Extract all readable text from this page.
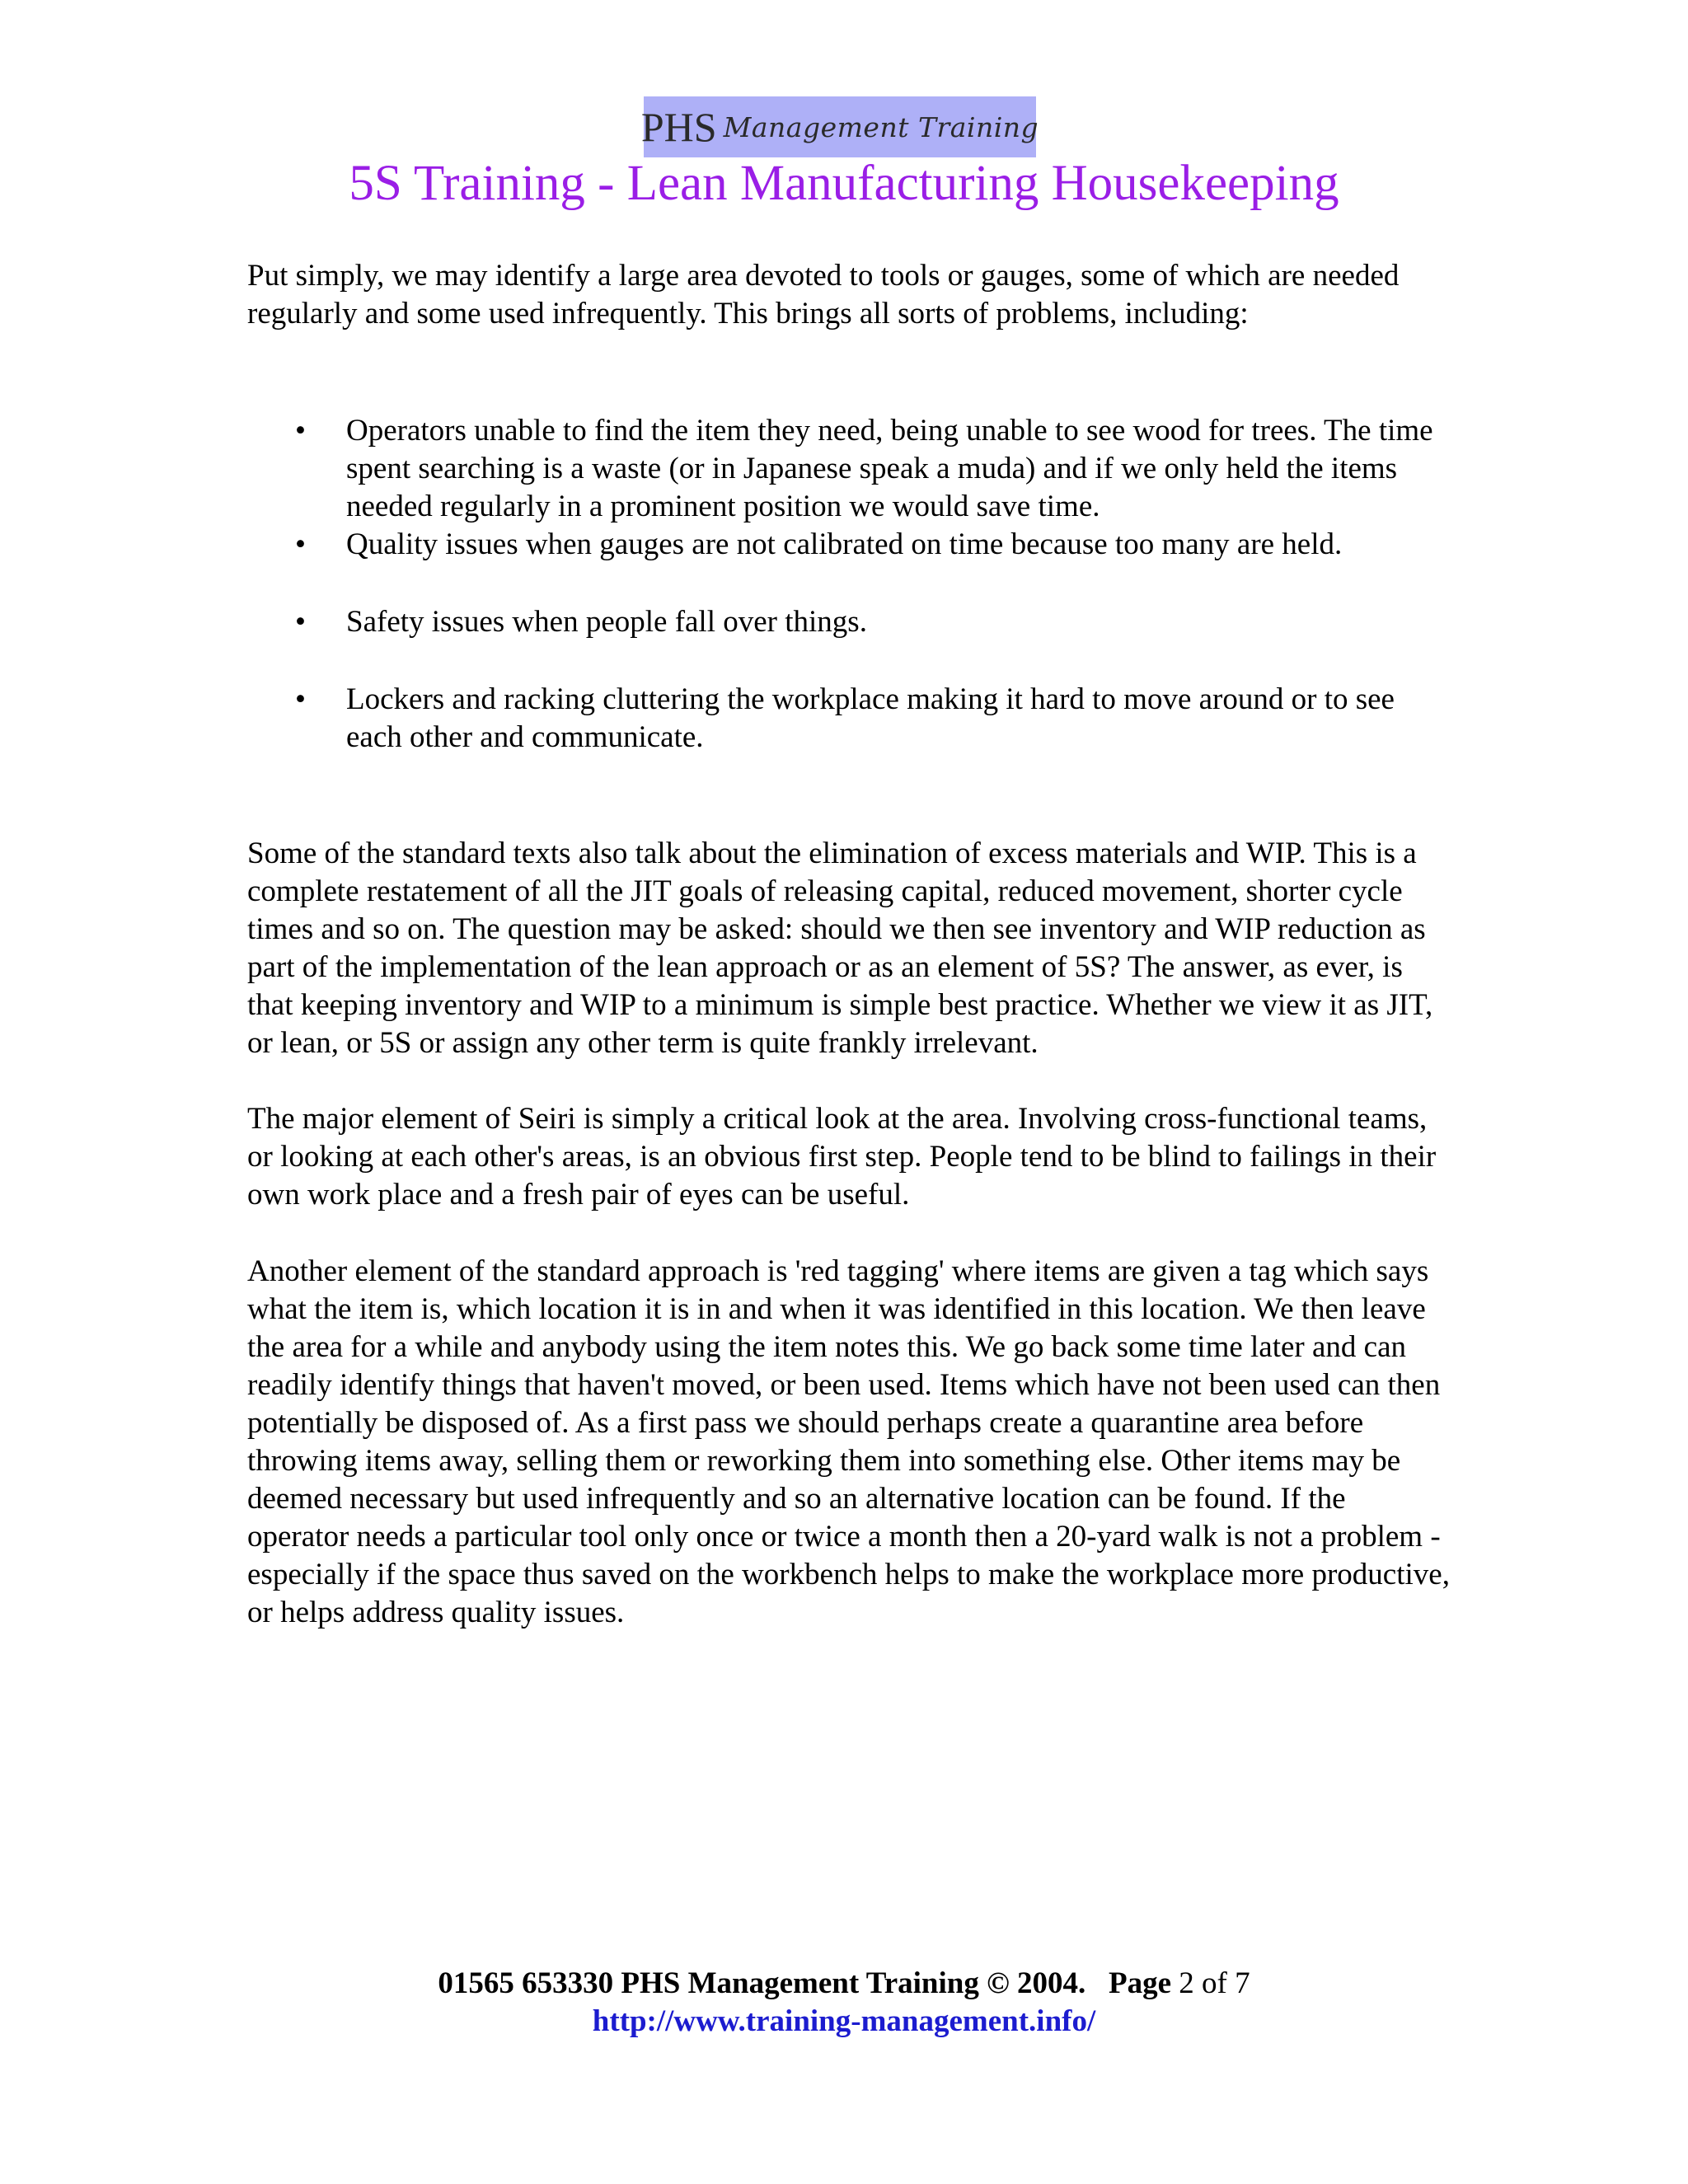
PHS Management Training
5S Training - Lean Manufacturing Housekeeping

Put simply, we may identify a large area devoted to tools or gauges, some of which are needed regularly and some used infrequently. This brings all sorts of problems, including:

• Operators unable to find the item they need, being unable to see wood for trees. The time spent searching is a waste (or in Japanese speak a muda) and if we only held the items needed regularly in a prominent position we would save time.
• Quality issues when gauges are not calibrated on time because too many are held.
• Safety issues when people fall over things.
• Lockers and racking cluttering the workplace making it hard to move around or to see each other and communicate.

Some of the standard texts also talk about the elimination of excess materials and WIP. This is a complete restatement of all the JIT goals of releasing capital, reduced movement, shorter cycle times and so on. The question may be asked: should we then see inventory and WIP reduction as part of the implementation of the lean approach or as an element of 5S? The answer, as ever, is that keeping inventory and WIP to a minimum is simple best practice. Whether we view it as JIT, or lean, or 5S or assign any other term is quite frankly irrelevant.

The major element of Seiri is simply a critical look at the area. Involving cross-functional teams, or looking at each other's areas, is an obvious first step. People tend to be blind to failings in their own work place and a fresh pair of eyes can be useful.

Another element of the standard approach is 'red tagging' where items are given a tag which says what the item is, which location it is in and when it was identified in this location. We then leave the area for a while and anybody using the item notes this. We go back some time later and can readily identify things that haven't moved, or been used. Items which have not been used can then potentially be disposed of. As a first pass we should perhaps create a quarantine area before throwing items away, selling them or reworking them into something else. Other items may be deemed necessary but used infrequently and so an alternative location can be found. If the operator needs a particular tool only once or twice a month then a 20-yard walk is not a problem - especially if the space thus saved on the workbench helps to make the workplace more productive, or helps address quality issues.

01565 653330 PHS Management Training © 2004. Page 2 of 7
http://www.training-management.info/
